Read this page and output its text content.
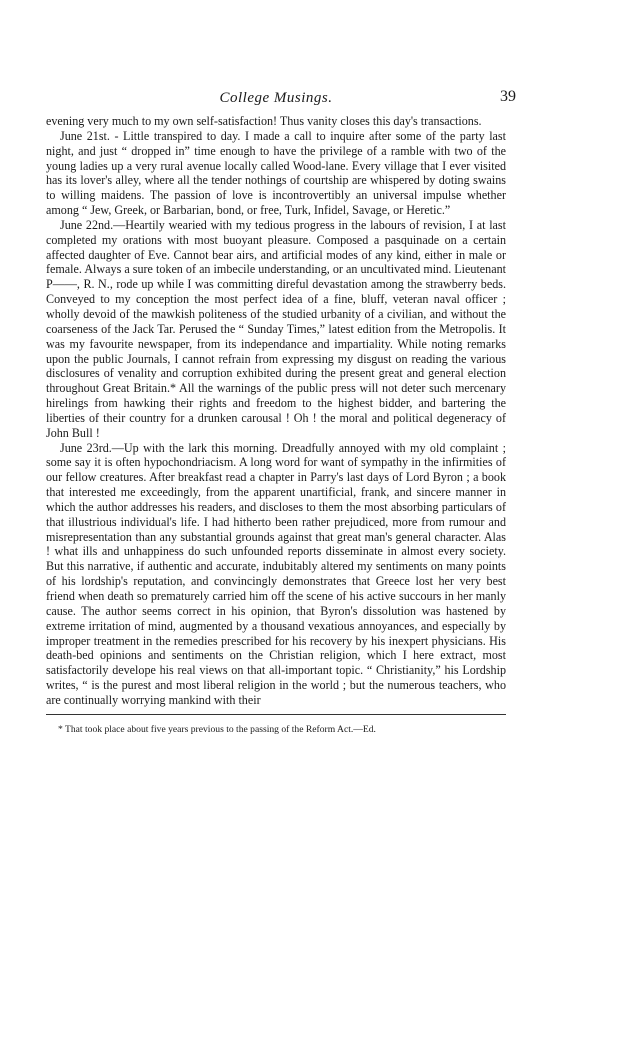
College Musings.	39

evening very much to my own self-satisfaction! Thus vanity closes this day's transactions.

June 21st. - Little transpired to day. I made a call to inquire after some of the party last night, and just “ dropped in” time enough to have the privilege of a ramble with two of the young ladies up a very rural avenue locally called Wood-lane. Every village that I ever visited has its lover's alley, where all the tender nothings of courtship are whispered by doting swains to willing maidens. The passion of love is incontrovertibly an universal impulse whether among “ Jew, Greek, or Barbarian, bond, or free, Turk, Infidel, Savage, or Heretic.”

June 22nd.—Heartily wearied with my tedious progress in the labours of revision, I at last completed my orations with most buoyant pleasure. Composed a pasquinade on a certain affected daughter of Eve. Cannot bear airs, and artificial modes of any kind, either in male or female. Always a sure token of an imbecile understanding, or an uncultivated mind. Lieutenant P——, R. N., rode up while I was committing direful devastation among the strawberry beds. Conveyed to my conception the most perfect idea of a fine, bluff, veteran naval officer ; wholly devoid of the mawkish politeness of the studied urbanity of a civilian, and without the coarseness of the Jack Tar. Perused the “ Sunday Times,” latest edition from the Metropolis. It was my favourite newspaper, from its independance and impartiality. While noting remarks upon the public Journals, I cannot refrain from expressing my disgust on reading the various disclosures of venality and corruption exhibited during the present great and general election throughout Great Britain.* All the warnings of the public press will not deter such mercenary hirelings from hawking their rights and freedom to the highest bidder, and bartering the liberties of their country for a drunken carousal ! Oh ! the moral and political degeneracy of John Bull !

June 23rd.—Up with the lark this morning. Dreadfully annoyed with my old complaint ; some say it is often hypochondriacism. A long word for want of sympathy in the infirmities of our fellow creatures. After breakfast read a chapter in Parry's last days of Lord Byron ; a book that interested me exceedingly, from the apparent unartificial, frank, and sincere manner in which the author addresses his readers, and discloses to them the most absorbing particulars of that illustrious individual's life. I had hitherto been rather prejudiced, more from rumour and misrepresentation than any substantial grounds against that great man's general character. Alas ! what ills and unhappiness do such unfounded reports disseminate in almost every society. But this narrative, if authentic and accurate, indubitably altered my sentiments on many points of his lordship's reputation, and convincingly demonstrates that Greece lost her very best friend when death so prematurely carried him off the scene of his active succours in her manly cause. The author seems correct in his opinion, that Byron's dissolution was hastened by extreme irritation of mind, augmented by a thousand vexatious annoyances, and especially by improper treatment in the remedies prescribed for his recovery by his inexpert physicians. His death-bed opinions and sentiments on the Christian religion, which I here extract, most satisfactorily develope his real views on that all-important topic. “ Christianity,” his Lordship writes, “ is the purest and most liberal religion in the world ; but the numerous teachers, who are continually worrying mankind with their

* That took place about five years previous to the passing of the Reform Act.—Ed.
